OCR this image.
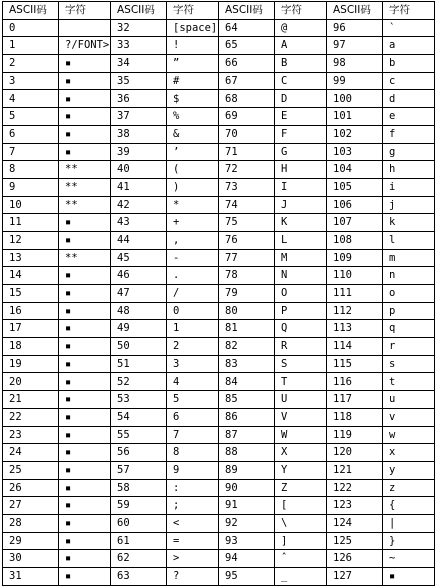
ASCII码	字符	ASCII码	字符	ASCII码	字符	ASCII码	字符
0		32	[space]	64	@	96	`
1	?/FONT>	33	!	65	A	97	a
2	▪	34	”	66	B	98	b
3	▪	35	#	67	C	99	c
4	▪	36	$	68	D	100	d
5	▪	37	%	69	E	101	e
6	▪	38	&	70	F	102	f
7	▪	39	’	71	G	103	g
8	**	40	(	72	H	104	h
9	**	41	)	73	I	105	i
10	**	42	*	74	J	106	j
11	▪	43	+	75	K	107	k
12	▪	44	,	76	L	108	l
13	**	45	-	77	M	109	m
14	▪	46	.	78	N	110	n
15	▪	47	/	79	O	111	o
16	▪	48	0	80	P	112	p
17	▪	49	1	81	Q	113	q
18	▪	50	2	82	R	114	r
19	▪	51	3	83	S	115	s
20	▪	52	4	84	T	116	t
21	▪	53	5	85	U	117	u
22	▪	54	6	86	V	118	v
23	▪	55	7	87	W	119	w
24	▪	56	8	88	X	120	x
25	▪	57	9	89	Y	121	y
26	▪	58	:	90	Z	122	z
27	▪	59	;	91	[	123	{
28	▪	60	<	92	\	124	|
29	▪	61	=	93	]	125	}
30	▪	62	>	94	ˆ	126	~
31	▪	63	?	95	_	127	▪
